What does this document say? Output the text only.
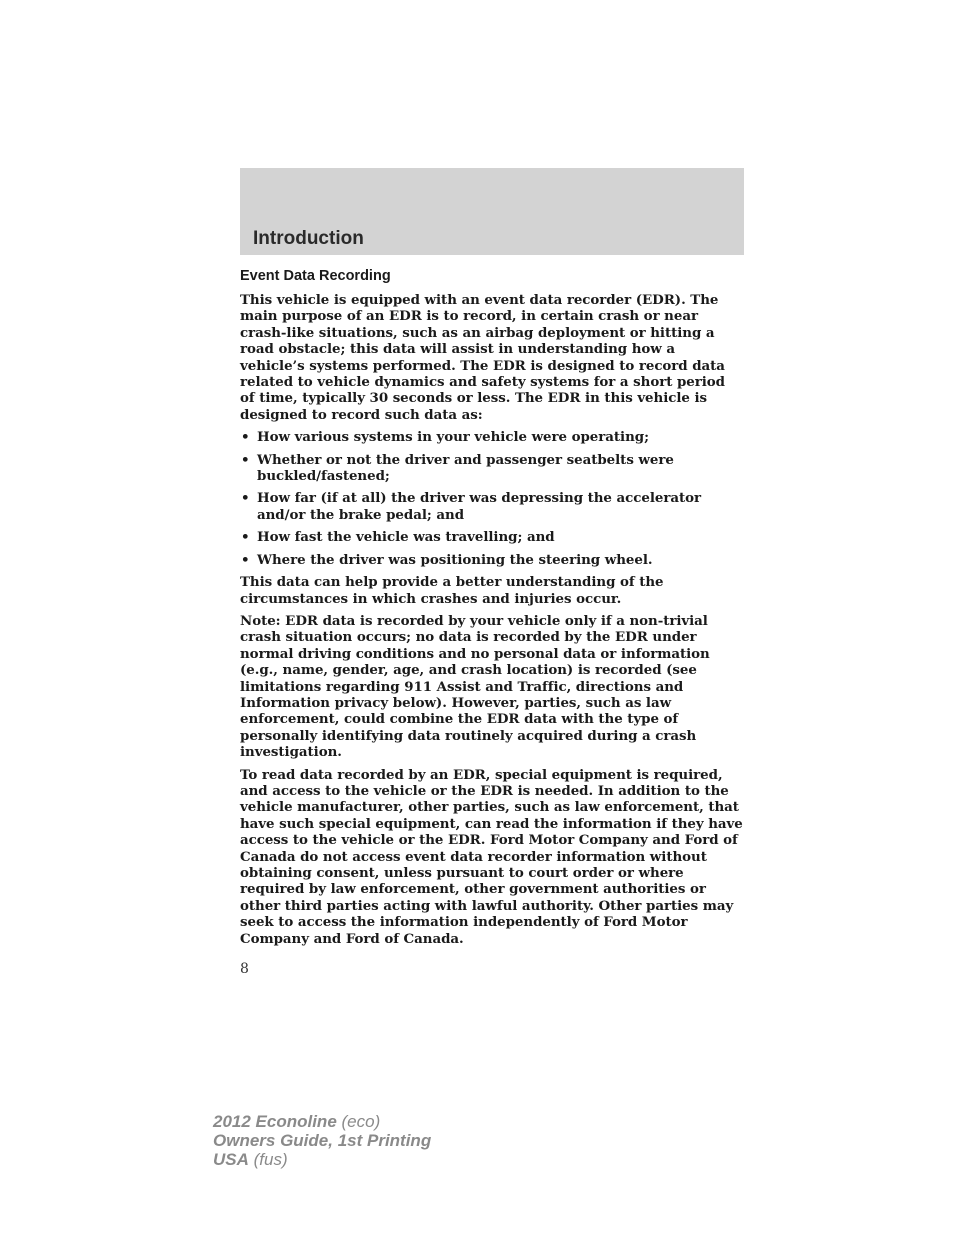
Introduction
Event Data Recording

This vehicle is equipped with an event data recorder (EDR). The main purpose of an EDR is to record, in certain crash or near crash-like situations, such as an airbag deployment or hitting a road obstacle; this data will assist in understanding how a vehicle’s systems performed. The EDR is designed to record data related to vehicle dynamics and safety systems for a short period of time, typically 30 seconds or less. The EDR in this vehicle is designed to record such data as:

• How various systems in your vehicle were operating;
• Whether or not the driver and passenger seatbelts were buckled/fastened;
• How far (if at all) the driver was depressing the accelerator and/or the brake pedal; and
• How fast the vehicle was travelling; and
• Where the driver was positioning the steering wheel.

This data can help provide a better understanding of the circumstances in which crashes and injuries occur.

Note: EDR data is recorded by your vehicle only if a non-trivial crash situation occurs; no data is recorded by the EDR under normal driving conditions and no personal data or information (e.g., name, gender, age, and crash location) is recorded (see limitations regarding 911 Assist and Traffic, directions and Information privacy below). However, parties, such as law enforcement, could combine the EDR data with the type of personally identifying data routinely acquired during a crash investigation.

To read data recorded by an EDR, special equipment is required, and access to the vehicle or the EDR is needed. In addition to the vehicle manufacturer, other parties, such as law enforcement, that have such special equipment, can read the information if they have access to the vehicle or the EDR. Ford Motor Company and Ford of Canada do not access event data recorder information without obtaining consent, unless pursuant to court order or where required by law enforcement, other government authorities or other third parties acting with lawful authority. Other parties may seek to access the information independently of Ford Motor Company and Ford of Canada.

8
2012 Econoline (eco)
Owners Guide, 1st Printing
USA (fus)
